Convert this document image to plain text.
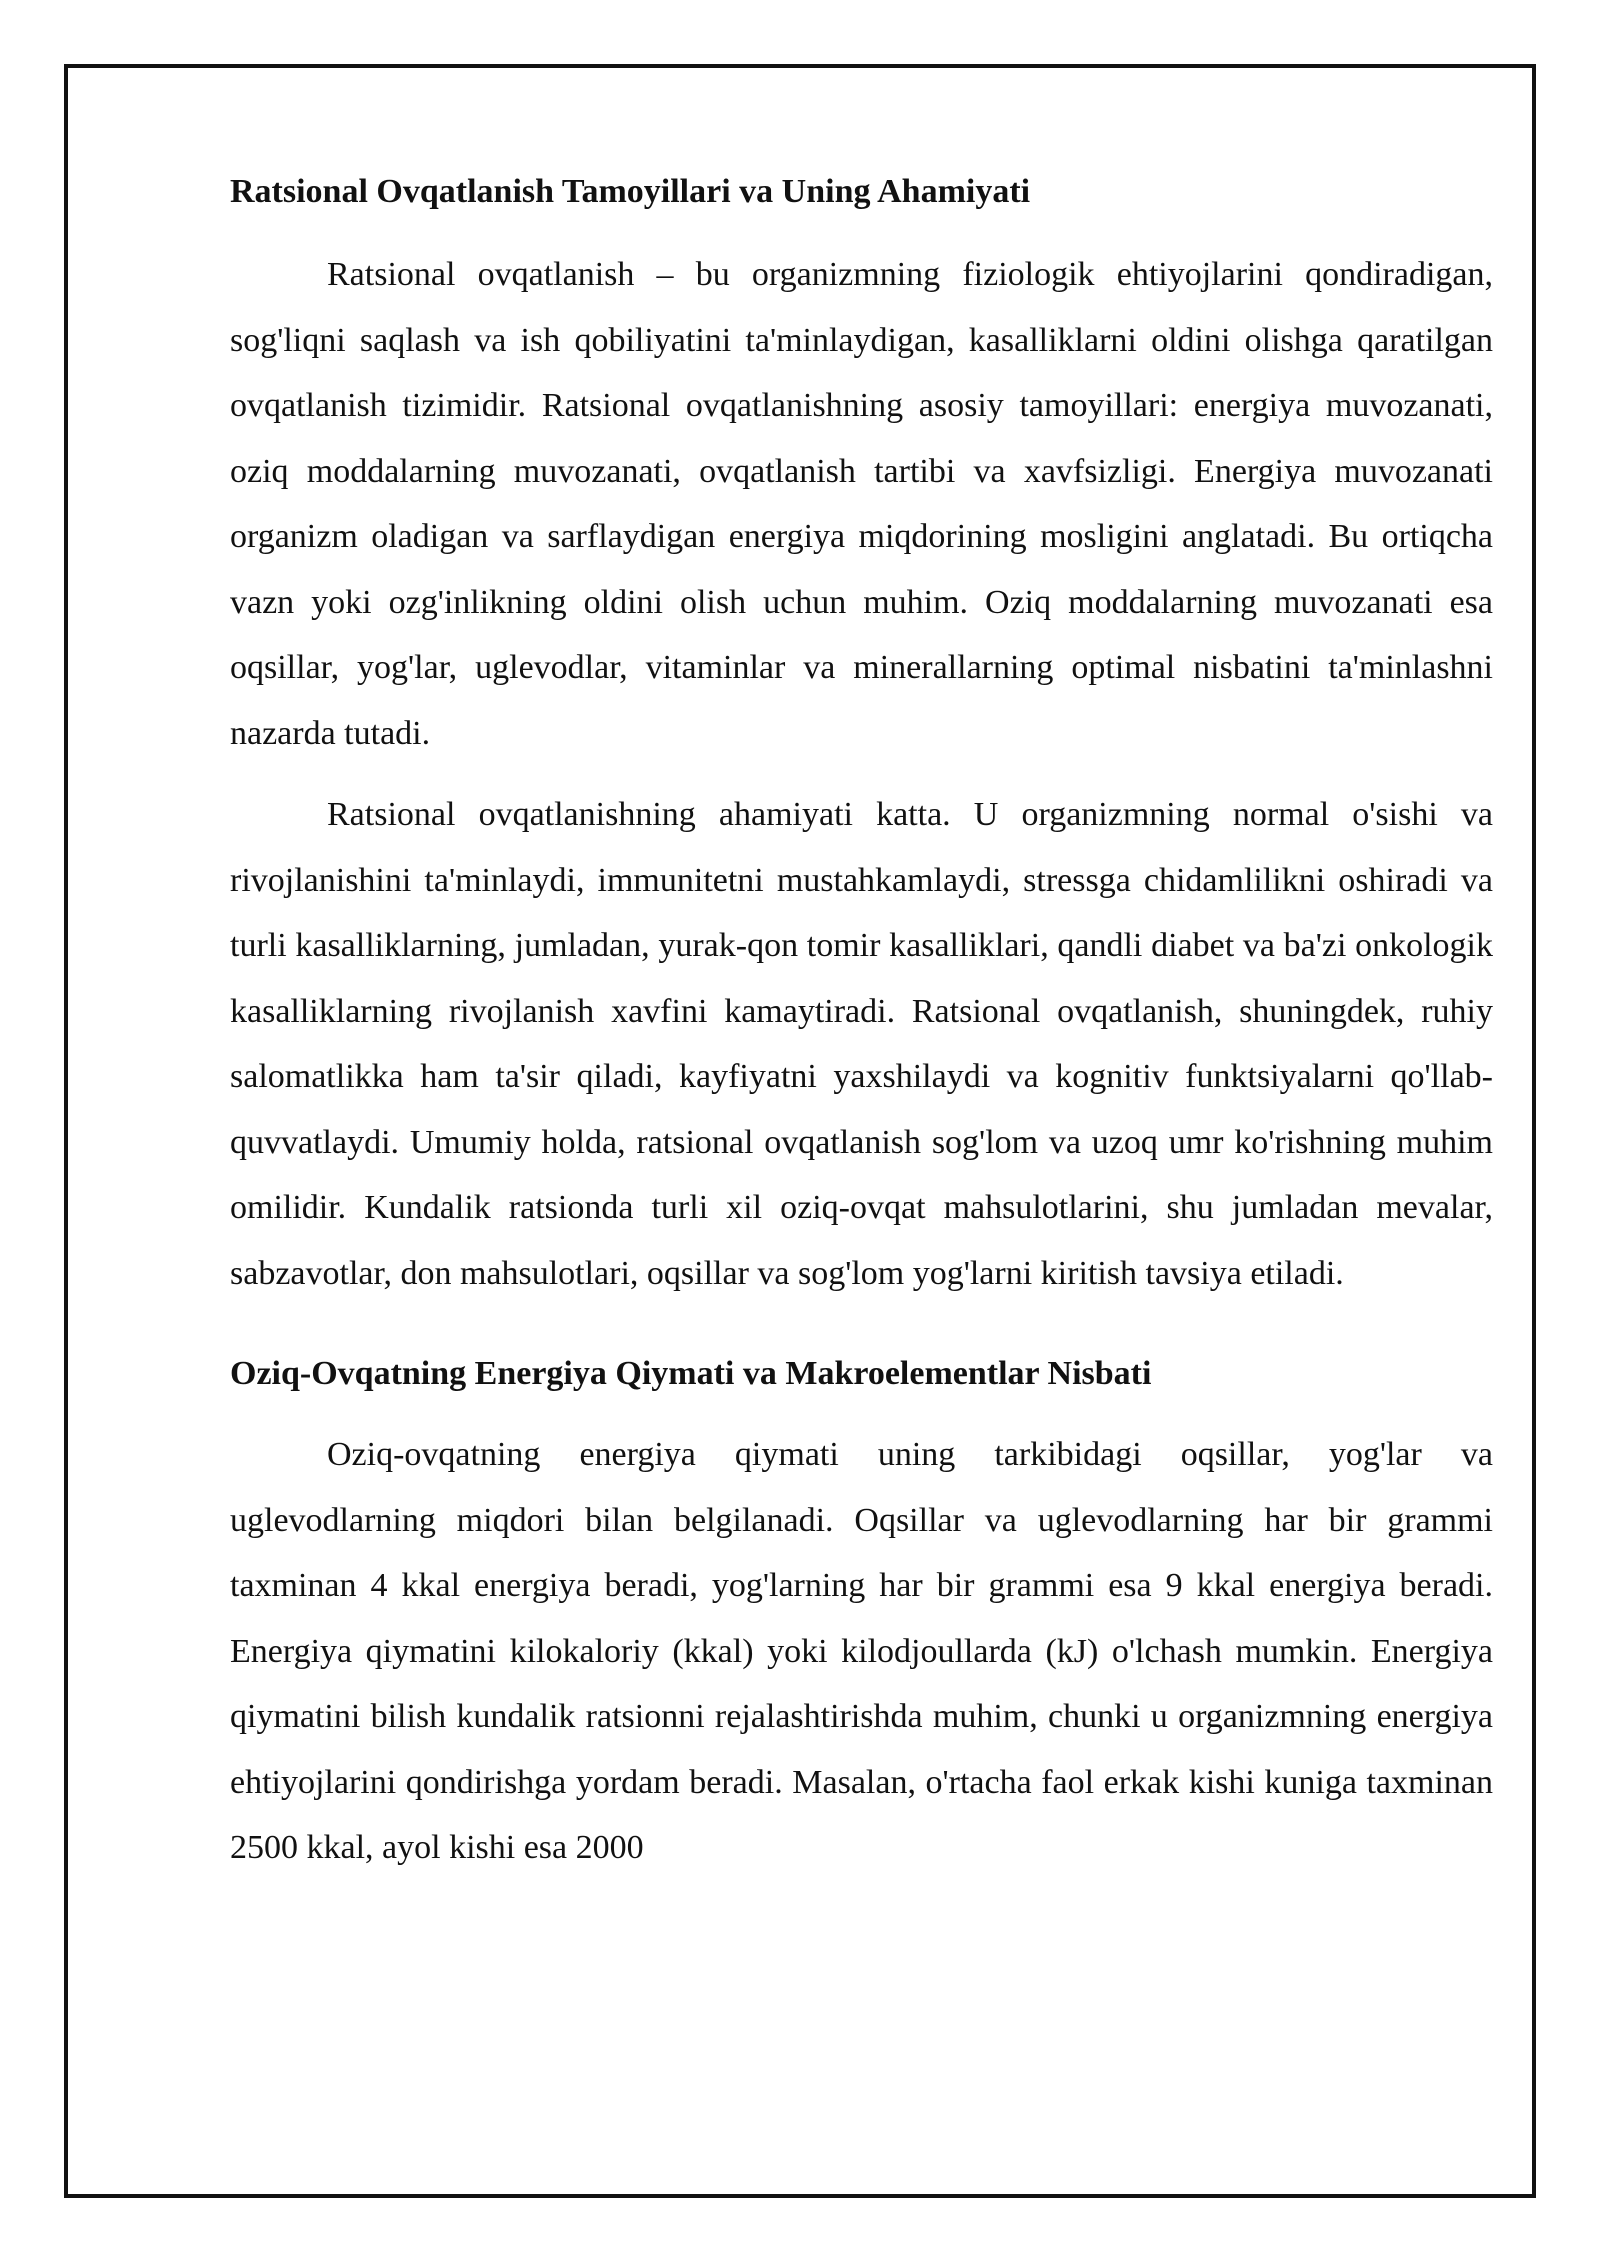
Ratsional Ovqatlanish Tamoyillari va Uning Ahamiyati

Ratsional ovqatlanish – bu organizmning fiziologik ehtiyojlarini qondiradigan, sog'liqni saqlash va ish qobiliyatini ta'minlaydigan, kasalliklarni oldini olishga qaratilgan ovqatlanish tizimidir. Ratsional ovqatlanishning asosiy tamoyillari: energiya muvozanati, oziq moddalarning muvozanati, ovqatlanish tartibi va xavfsizligi. Energiya muvozanati organizm oladigan va sarflaydigan energiya miqdorining mosligini anglatadi. Bu ortiqcha vazn yoki ozg'inlikning oldini olish uchun muhim. Oziq moddalarning muvozanati esa oqsillar, yog'lar, uglevodlar, vitaminlar va minerallarning optimal nisbatini ta'minlashni nazarda tutadi.

Ratsional ovqatlanishning ahamiyati katta. U organizmning normal o'sishi va rivojlanishini ta'minlaydi, immunitetni mustahkamlaydi, stressga chidamlilikni oshiradi va turli kasalliklarning, jumladan, yurak-qon tomir kasalliklari, qandli diabet va ba'zi onkologik kasalliklarning rivojlanish xavfini kamaytiradi. Ratsional ovqatlanish, shuningdek, ruhiy salomatlikka ham ta'sir qiladi, kayfiyatni yaxshilaydi va kognitiv funktsiyalarni qo'llab-quvvatlaydi. Umumiy holda, ratsional ovqatlanish sog'lom va uzoq umr ko'rishning muhim omilidir. Kundalik ratsionda turli xil oziq-ovqat mahsulotlarini, shu jumladan mevalar, sabzavotlar, don mahsulotlari, oqsillar va sog'lom yog'larni kiritish tavsiya etiladi.

Oziq-Ovqatning Energiya Qiymati va Makroelementlar Nisbati

Oziq-ovqatning energiya qiymati uning tarkibidagi oqsillar, yog'lar va uglevodlarning miqdori bilan belgilanadi. Oqsillar va uglevodlarning har bir grammi taxminan 4 kkal energiya beradi, yog'larning har bir grammi esa 9 kkal energiya beradi. Energiya qiymatini kilokaloriy (kkal) yoki kilodjoullarda (kJ) o'lchash mumkin. Energiya qiymatini bilish kundalik ratsionni rejalashtirishda muhim, chunki u organizmning energiya ehtiyojlarini qondirishga yordam beradi. Masalan, o'rtacha faol erkak kishi kuniga taxminan 2500 kkal, ayol kishi esa 2000
